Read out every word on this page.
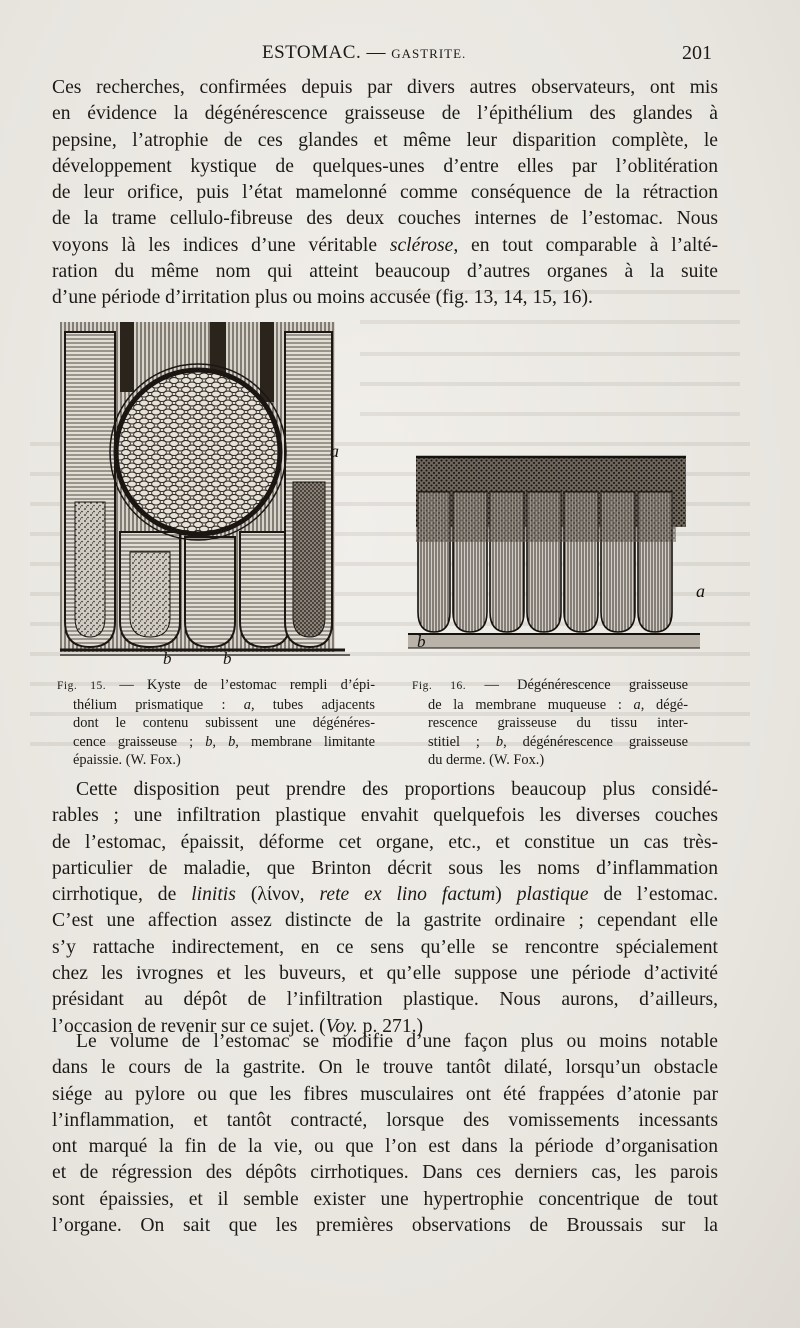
ESTOMAC. — GASTRITE.	201
Ces recherches, confirmées depuis par divers autres observateurs, ont mis
en évidence la dégénérescence graisseuse de l’épithélium des glandes à
pepsine, l’atrophie de ces glandes et même leur disparition complète, le
développement kystique de quelques-unes d’entre elles par l’oblitération
de leur orifice, puis l’état mamelonné comme conséquence de la rétraction
de la trame cellulo-fibreuse des deux couches internes de l’estomac. Nous
voyons là les indices d’une véritable sclérose, en tout comparable à l’alté-
ration du même nom qui atteint beaucoup d’autres organes à la suite
d’une période d’irritation plus ou moins accusée (fig. 13, 14, 15, 16).
a
b	b
a
b
Fig. 15. — Kyste de l’estomac rempli d’épi-
thélium prismatique : a, tubes adjacents
dont le contenu subissent une dégénéres-
cence graisseuse ; b, b, membrane limitante
épaissie. (W. Fox.)
Fig. 16. — Dégénérescence graisseuse
de la membrane muqueuse : a, dégé-
rescence graisseuse du tissu inter-
stitiel ; b, dégénérescence graisseuse
du derme. (W. Fox.)
Cette disposition peut prendre des proportions beaucoup plus considé-
rables ; une infiltration plastique envahit quelquefois les diverses couches
de l’estomac, épaissit, déforme cet organe, etc., et constitue un cas très-
particulier de maladie, que Brinton décrit sous les noms d’inflammation
cirrhotique, de linitis (λίνον, rete ex lino factum) plastique de l’estomac.
C’est une affection assez distincte de la gastrite ordinaire ; cependant elle
s’y rattache indirectement, en ce sens qu’elle se rencontre spécialement
chez les ivrognes et les buveurs, et qu’elle suppose une période d’activité
présidant au dépôt de l’infiltration plastique. Nous aurons, d’ailleurs,
l’occasion de revenir sur ce sujet. (Voy. p. 271.)
Le volume de l’estomac se modifie d’une façon plus ou moins notable
dans le cours de la gastrite. On le trouve tantôt dilaté, lorsqu’un obstacle
siége au pylore ou que les fibres musculaires ont été frappées d’atonie par
l’inflammation, et tantôt contracté, lorsque des vomissements incessants
ont marqué la fin de la vie, ou que l’on est dans la période d’organisation
et de régression des dépôts cirrhotiques. Dans ces derniers cas, les parois
sont épaissies, et il semble exister une hypertrophie concentrique de tout
l’organe. On sait que les premières observations de Broussais sur la
